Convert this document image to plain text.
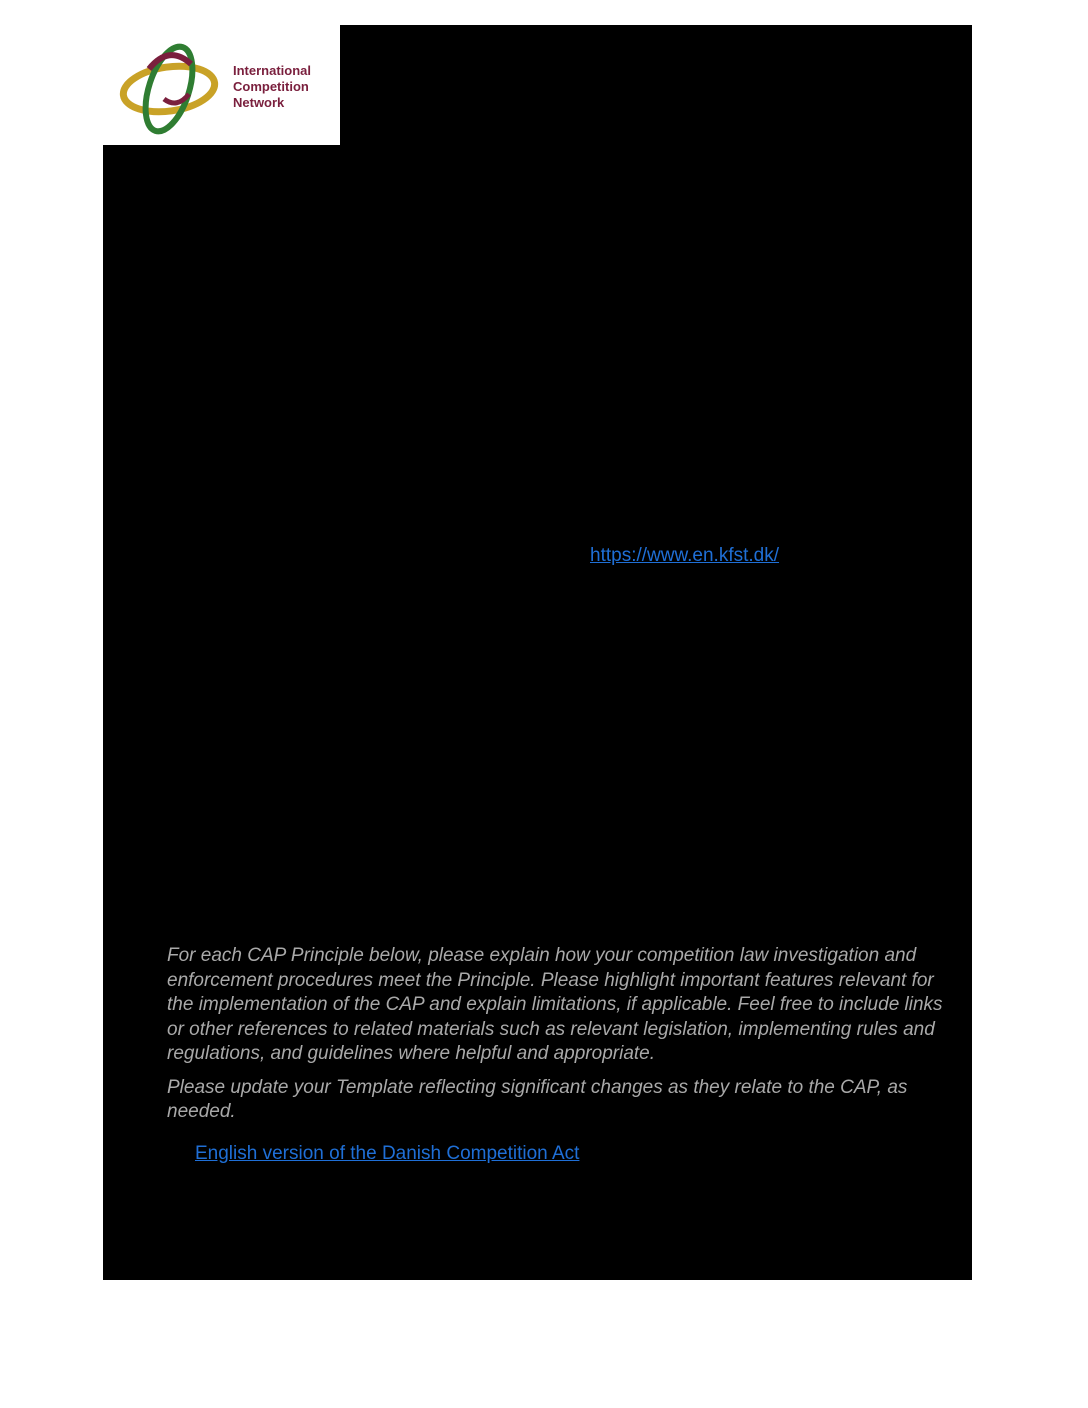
International
Competition
Network
https://www.en.kfst.dk/

For each CAP Principle below, please explain how your competition law investigation and enforcement procedures meet the Principle. Please highlight important features relevant for the implementation of the CAP and explain limitations, if applicable. Feel free to include links or other references to related materials such as relevant legislation, implementing rules and regulations, and guidelines where helpful and appropriate.

Please update your Template reflecting significant changes as they relate to the CAP, as needed.

English version of the Danish Competition Act
